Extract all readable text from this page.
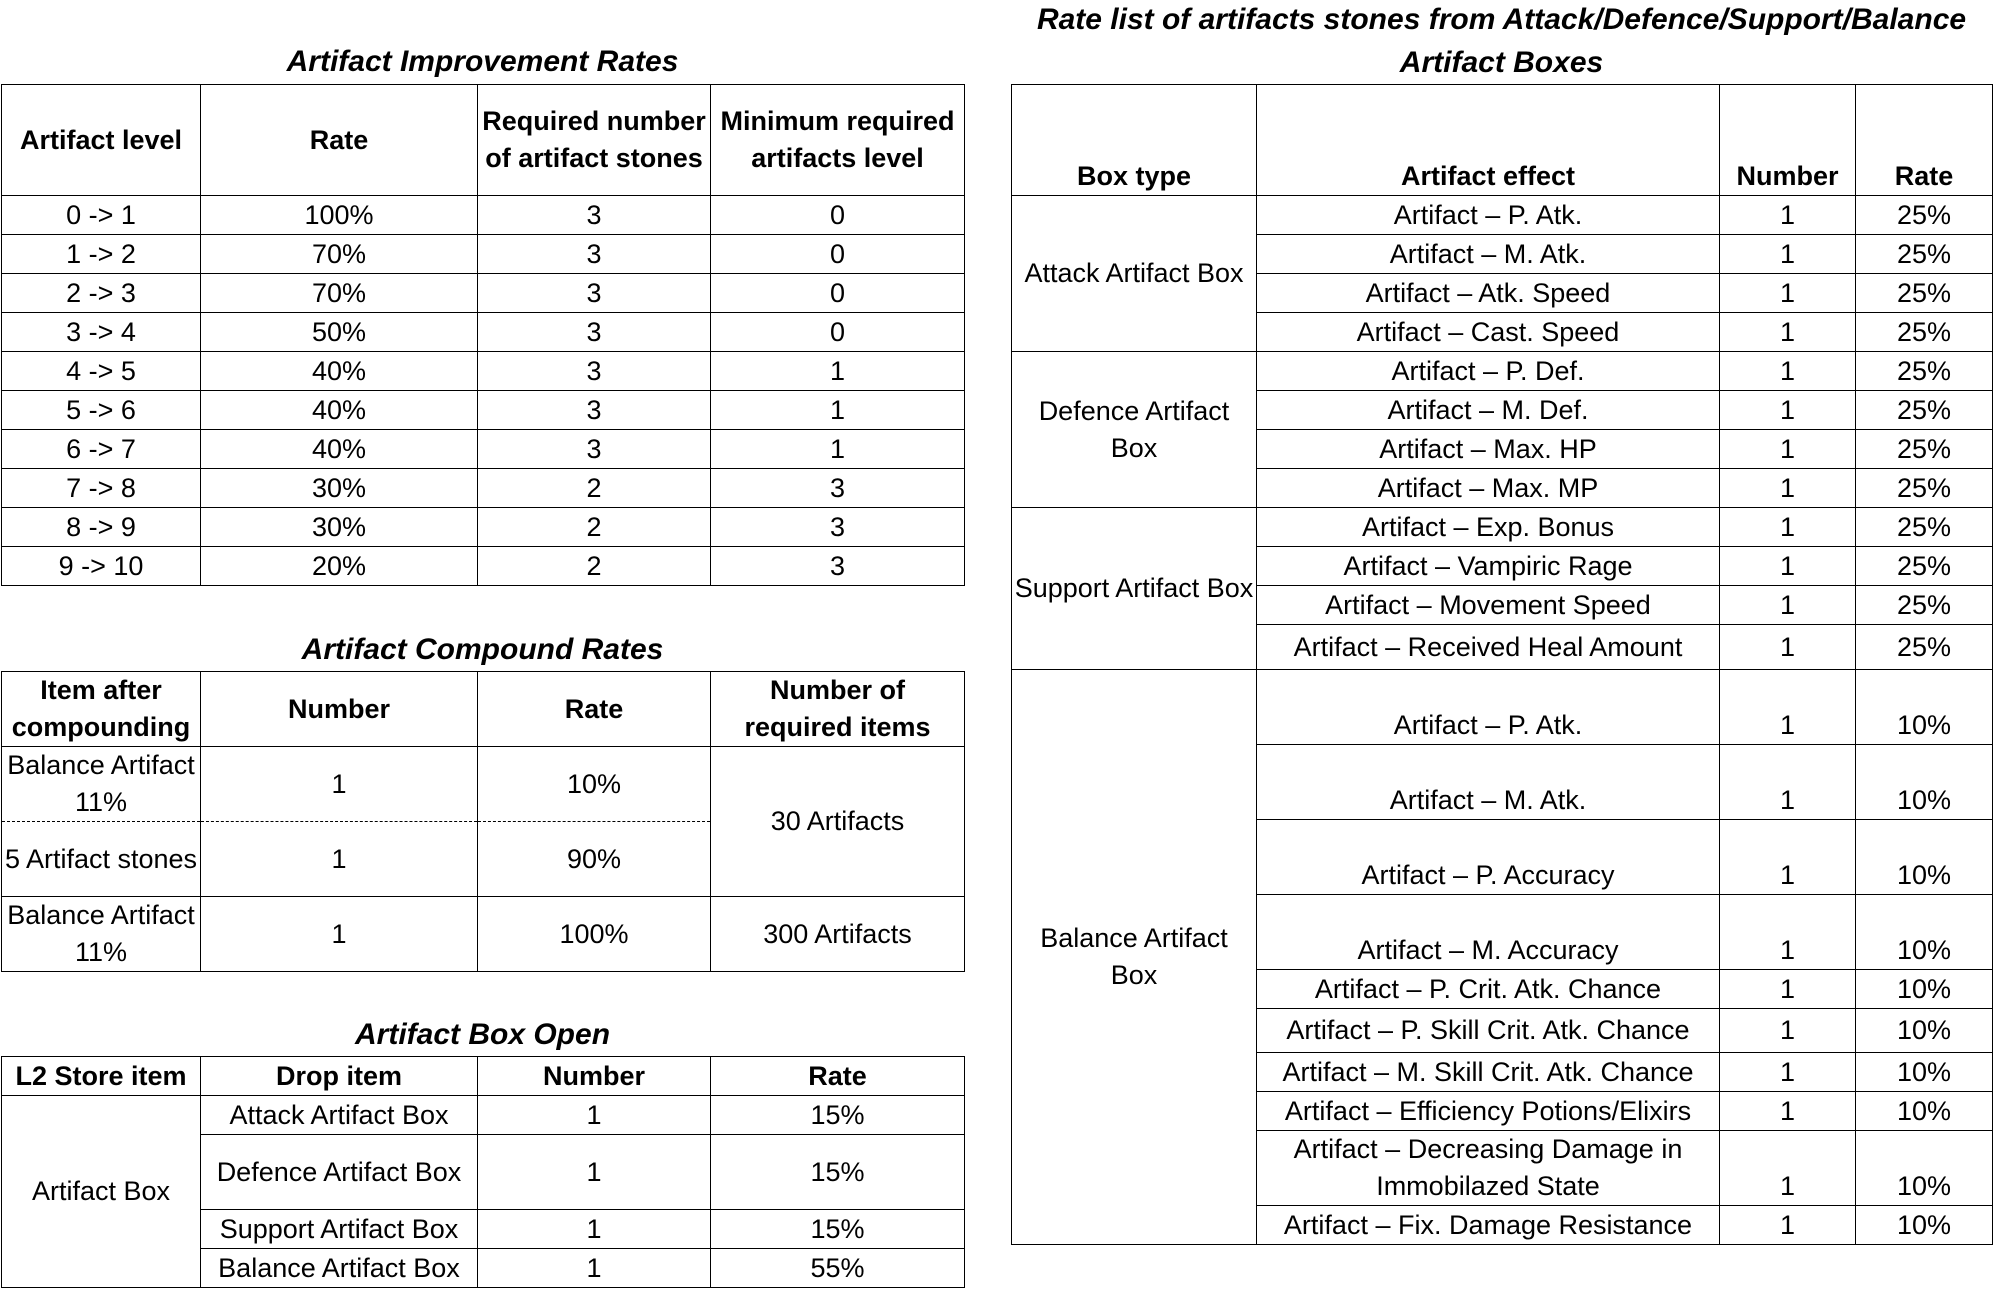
Artifact Improvement Rates
Artifact level	Rate	Required number of artifact stones	Minimum required artifacts level
0 -> 1	100%	3	0
1 -> 2	70%	3	0
2 -> 3	70%	3	0
3 -> 4	50%	3	0
4 -> 5	40%	3	1
5 -> 6	40%	3	1
6 -> 7	40%	3	1
7 -> 8	30%	2	3
8 -> 9	30%	2	3
9 -> 10	20%	2	3
Artifact Compound Rates
Item after compounding	Number	Rate	Number of required items
Balance Artifact 11%	1	10%	30 Artifacts
5 Artifact stones	1	90%	
Balance Artifact 11%	1	100%	300 Artifacts
Artifact Box Open
L2 Store item	Drop item	Number	Rate
Artifact Box	Attack Artifact Box	1	15%
	Defence Artifact Box	1	15%
	Support Artifact Box	1	15%
	Balance Artifact Box	1	55%
Rate list of artifacts stones from Attack/Defence/Support/Balance
Artifact Boxes
Box type	Artifact effect	Number	Rate
Attack Artifact Box	Artifact – P. Atk.	1	25%
	Artifact – M. Atk.	1	25%
	Artifact – Atk. Speed	1	25%
	Artifact – Cast. Speed	1	25%
Defence Artifact Box	Artifact – P. Def.	1	25%
	Artifact – M. Def.	1	25%
	Artifact – Max. HP	1	25%
	Artifact – Max. MP	1	25%
Support Artifact Box	Artifact – Exp. Bonus	1	25%
	Artifact – Vampiric Rage	1	25%
	Artifact – Movement Speed	1	25%
	Artifact – Received Heal Amount	1	25%
Balance Artifact Box	Artifact – P. Atk.	1	10%
	Artifact – M. Atk.	1	10%
	Artifact – P. Accuracy	1	10%
	Artifact – M. Accuracy	1	10%
	Artifact – P. Crit. Atk. Chance	1	10%
	Artifact – P. Skill Crit. Atk. Chance	1	10%
	Artifact – M. Skill Crit. Atk. Chance	1	10%
	Artifact – Efficiency Potions/Elixirs	1	10%
	Artifact – Decreasing Damage in Immobilazed State	1	10%
	Artifact – Fix. Damage Resistance	1	10%
